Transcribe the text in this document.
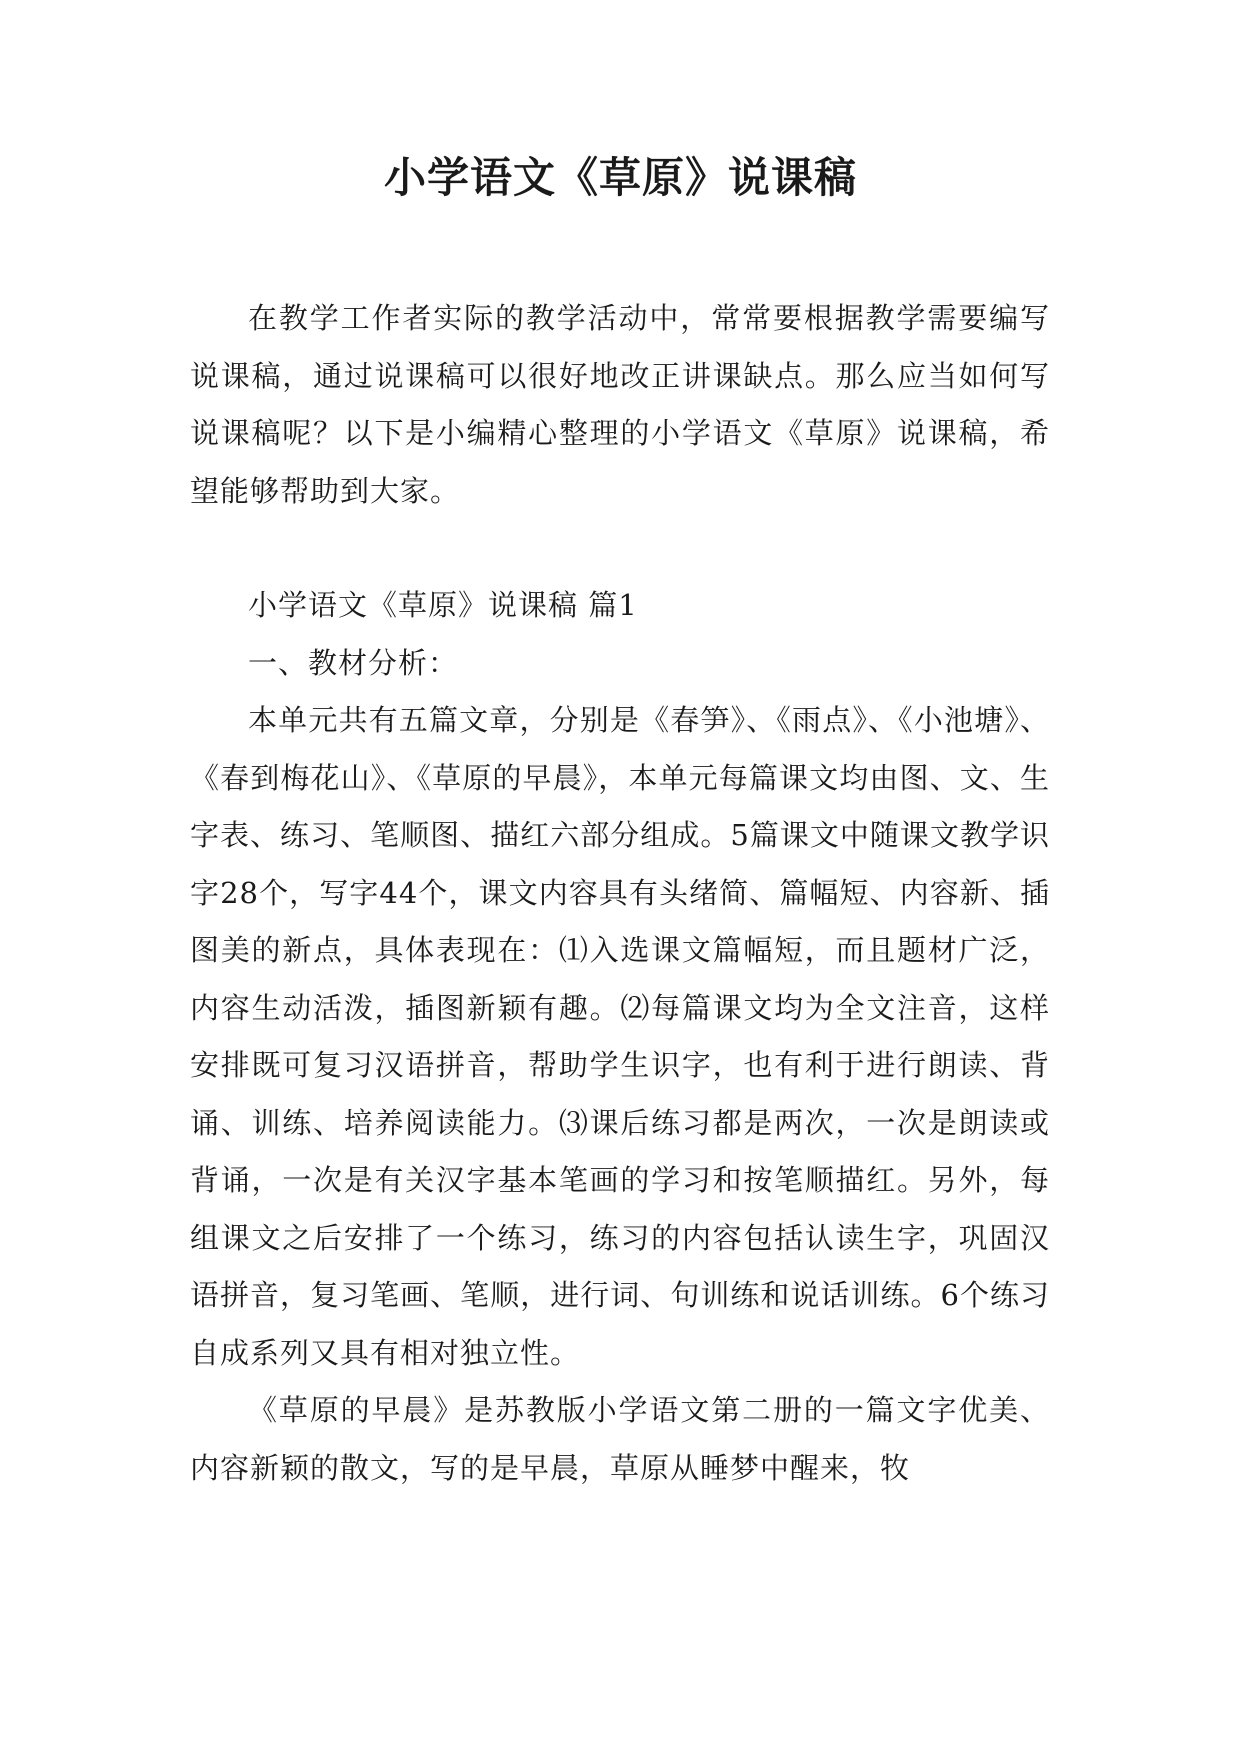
小学语文《草原》说课稿

在教学工作者实际的教学活动中，常常要根据教学需要编写说课稿，通过说课稿可以很好地改正讲课缺点。那么应当如何写说课稿呢？以下是小编精心整理的小学语文《草原》说课稿，希望能够帮助到大家。

小学语文《草原》说课稿 篇1

一、教材分析：

本单元共有五篇文章，分别是《春笋》、《雨点》、《小池塘》、《春到梅花山》、《草原的早晨》，本单元每篇课文均由图、文、生字表、练习、笔顺图、描红六部分组成。5篇课文中随课文教学识字28个，写字44个，课文内容具有头绪简、篇幅短、内容新、插图美的新点，具体表现在：⑴入选课文篇幅短，而且题材广泛，内容生动活泼，插图新颖有趣。⑵每篇课文均为全文注音，这样安排既可复习汉语拼音，帮助学生识字，也有利于进行朗读、背诵、训练、培养阅读能力。⑶课后练习都是两次，一次是朗读或背诵，一次是有关汉字基本笔画的学习和按笔顺描红。另外，每组课文之后安排了一个练习，练习的内容包括认读生字，巩固汉语拼音，复习笔画、笔顺，进行词、句训练和说话训练。6个练习自成系列又具有相对独立性。

《草原的早晨》是苏教版小学语文第二册的一篇文字优美、内容新颖的散文，写的是早晨，草原从睡梦中醒来，牧
